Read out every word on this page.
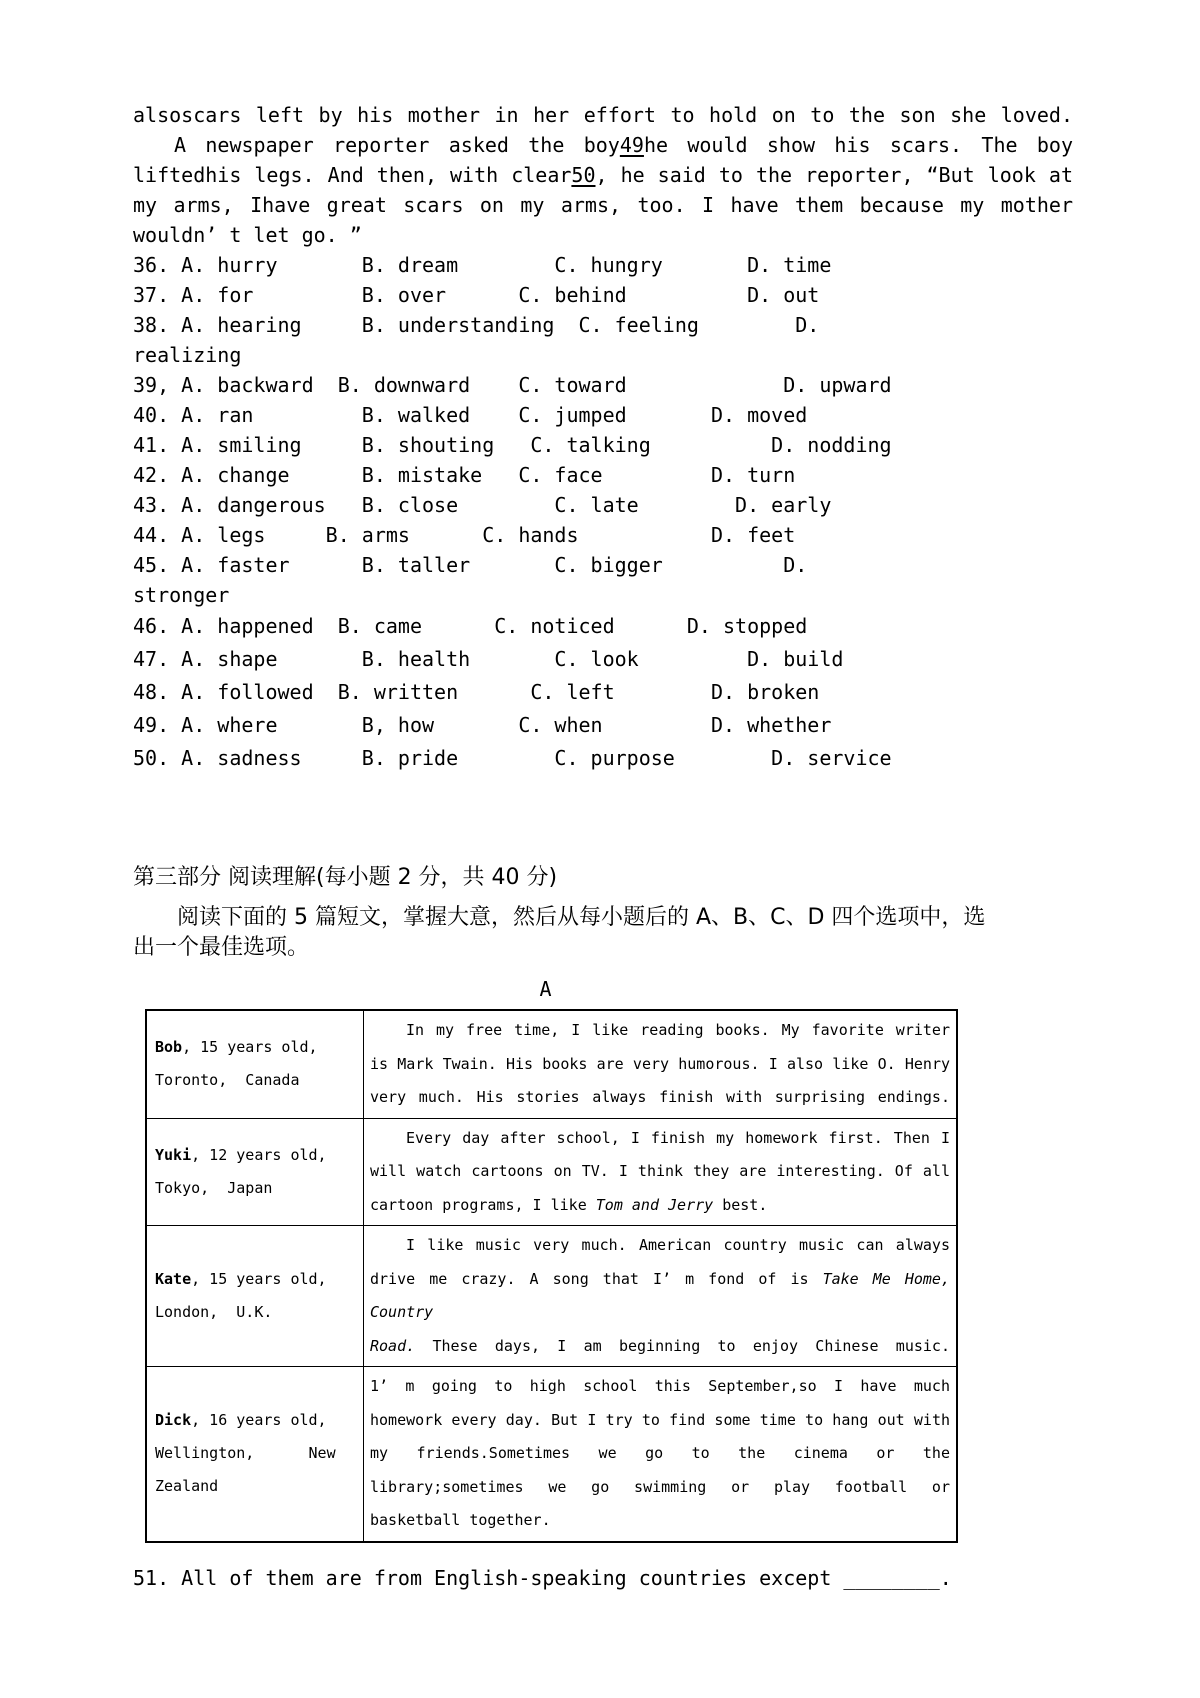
alsoscars left by his mother in her effort to hold on to the son she loved.
A newspaper reporter asked the boy49he would show his scars. The boy
liftedhis legs. And then, with clear50, he said to the reporter, “But look at
my arms, Ihave great scars on my arms, too. I have them because my mother
wouldn’ t let go. ”
36. A. hurry       B. dream        C. hungry       D. time
37. A. for         B. over      C. behind          D. out
38. A. hearing     B. understanding  C. feeling        D.
realizing
39, A. backward  B. downward    C. toward             D. upward
40. A. ran         B. walked    C. jumped       D. moved
41. A. smiling     B. shouting   C. talking          D. nodding
42. A. change      B. mistake   C. face         D. turn
43. A. dangerous   B. close        C. late        D. early
44. A. legs     B. arms      C. hands           D. feet
45. A. faster      B. taller       C. bigger          D.
stronger
46. A. happened  B. came      C. noticed      D. stopped
47. A. shape       B. health       C. look         D. build
48. A. followed  B. written      C. left        D. broken
49. A. where       B, how       C. when         D. whether
50. A. sadness     B. pride        C. purpose        D. service
第三部分 阅读理解(每小题 2 分，共 40 分)
阅读下面的 5 篇短文，掌握大意，然后从每小题后的 A、B、C、D 四个选项中，选
出一个最佳选项。
A
Bob, 15 years old,
Toronto,  Canada

In my free time, I like reading books. My favorite writer
is Mark Twain. His books are very humorous. I also like O. Henry
very much. His stories always finish with surprising endings.

Yuki, 12 years old,
Tokyo,  Japan

Every day after school, I finish my homework first. Then I
will watch cartoons on TV. I think they are interesting. Of all
cartoon programs, I like Tom and Jerry best.

Kate, 15 years old,
London,  U.K.

I like music very much. American country music can always
drive me crazy. A song that I’ m fond of is Take Me Home, Country
Road. These days, I am beginning to enjoy Chinese music.

Dick, 16 years old,
Wellington,      New
Zealand

1’ m going to high school this September,so I have much
homework every day. But I try to find some time to hang out with
my friends.Sometimes we go to the cinema or the
library;sometimes we go swimming or play football or
basketball together.
51. All of them are from English-speaking countries except ________.
